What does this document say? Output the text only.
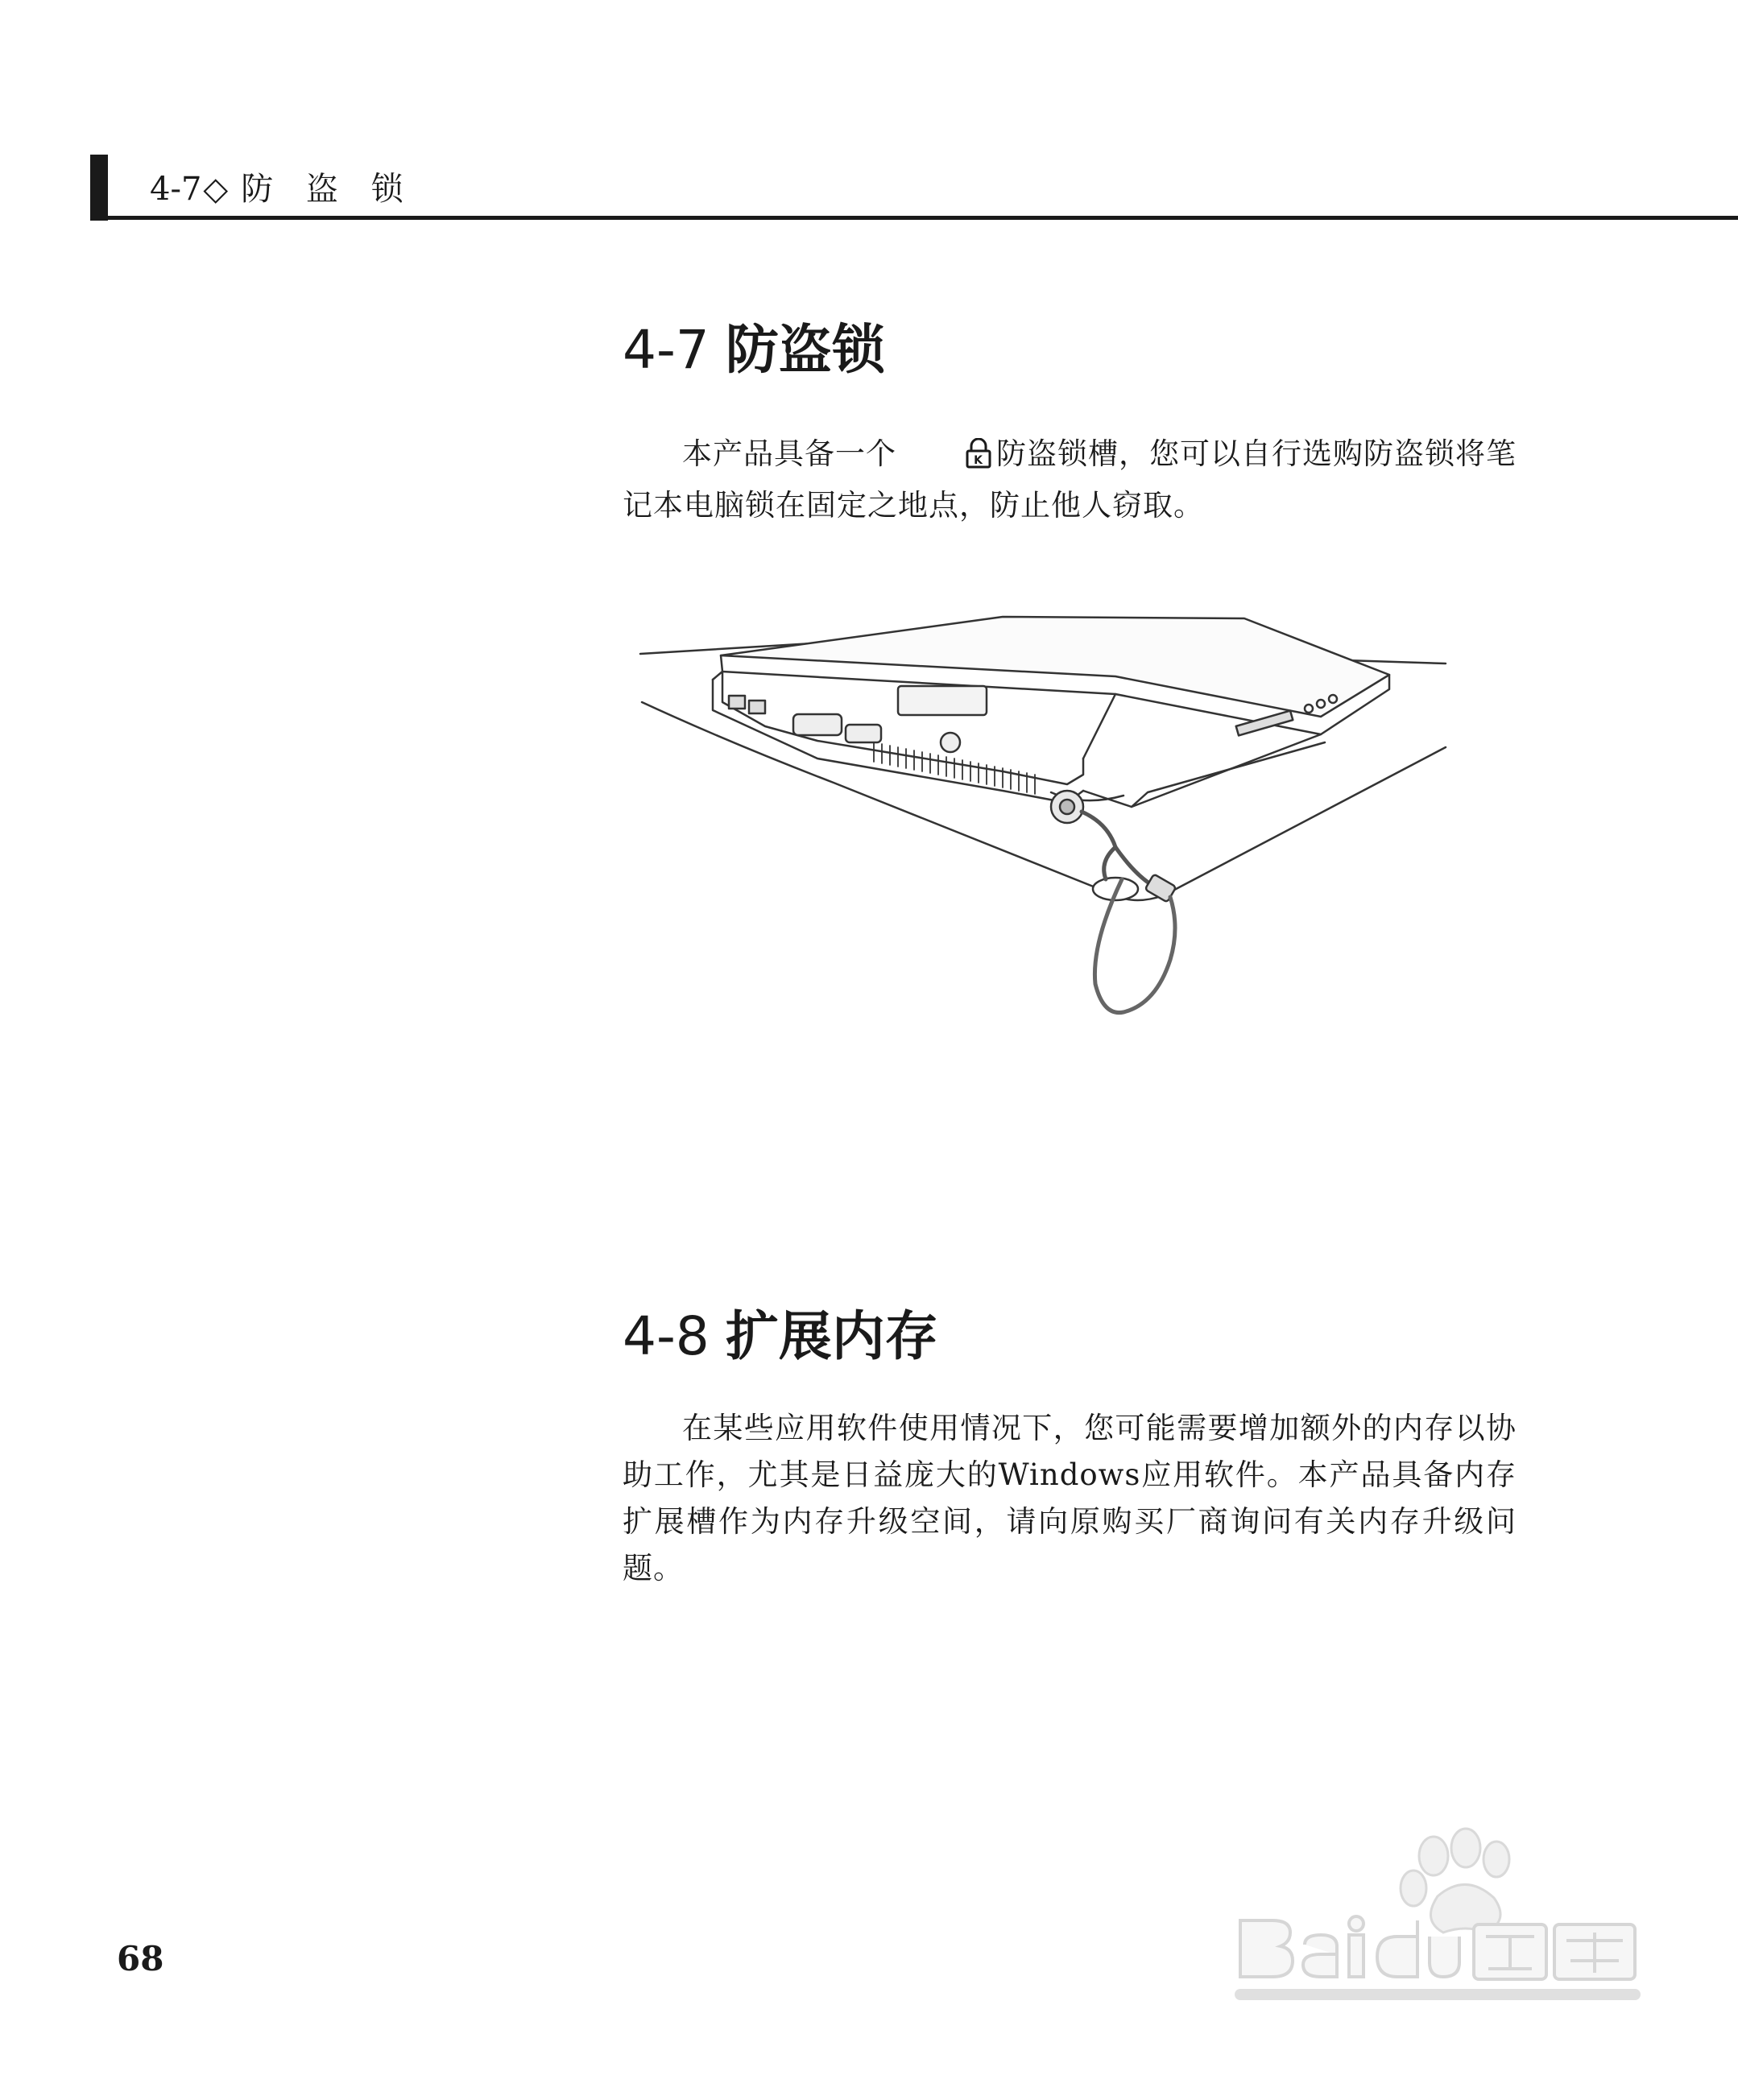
4-7 ◇ 防 盗 锁
4-7 防盗锁
本产品具备一个	K 防盗锁槽，您可以自行选购防盗锁将笔记本电脑锁在固定之地点，防止他人窃取。
4-8 扩展内存
在某些应用软件使用情况下，您可能需要增加额外的内存以协助工作，尤其是日益庞大的Windows应用软件。本产品具备内存扩展槽作为内存升级空间，请向原购买厂商询问有关内存升级问题。
68
